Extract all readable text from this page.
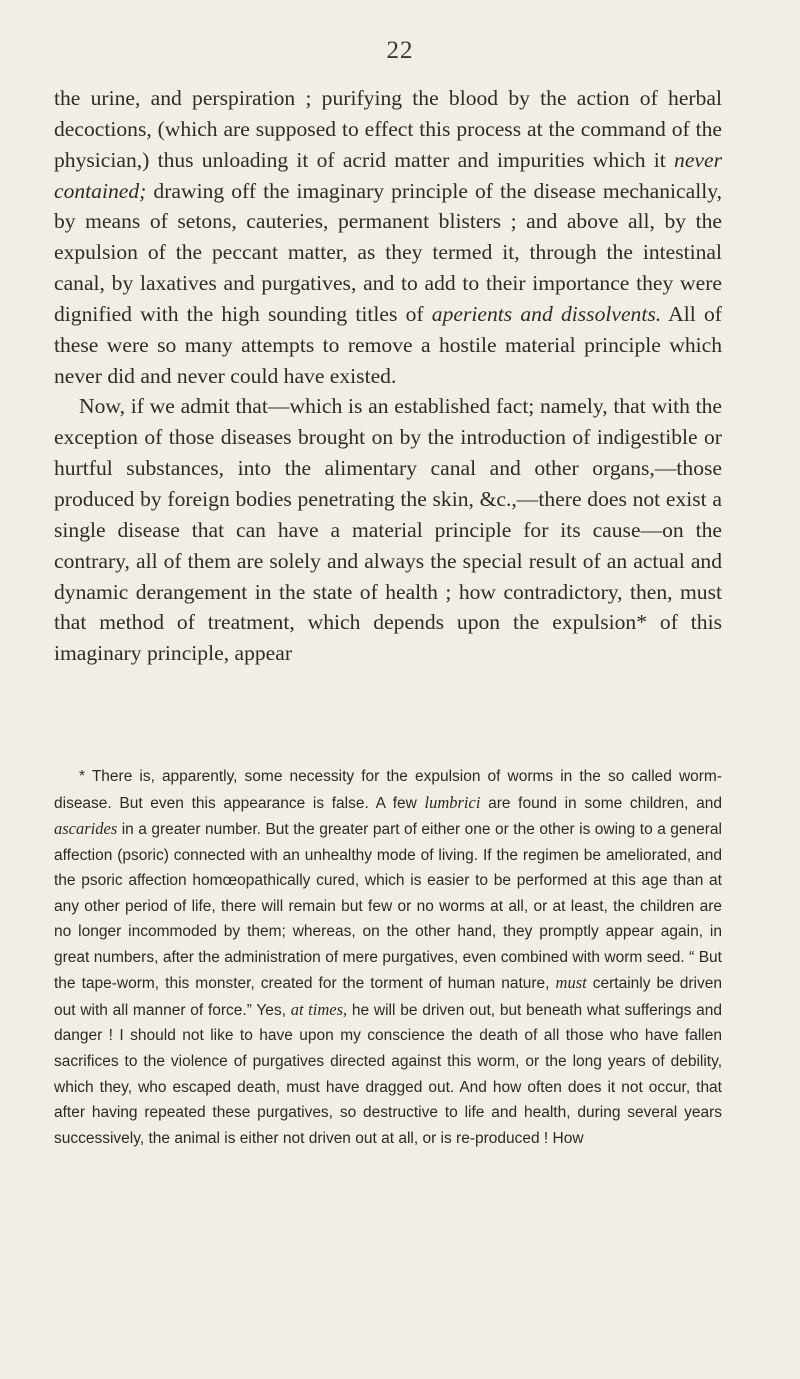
22

the urine, and perspiration ; purifying the blood by the action of herbal decoctions, (which are supposed to effect this process at the command of the physician,) thus unloading it of acrid matter and impurities which it never contained; drawing off the imaginary principle of the disease mechanically, by means of setons, cauteries, permanent blisters ; and above all, by the expulsion of the peccant matter, as they termed it, through the intestinal canal, by laxatives and purgatives, and to add to their importance they were dignified with the high sounding titles of aperients and dissolvents. All of these were so many attempts to remove a hostile material principle which never did and never could have existed.

Now, if we admit that—which is an established fact; namely, that with the exception of those diseases brought on by the introduction of indigestible or hurtful substances, into the alimentary canal and other organs,—those produced by foreign bodies penetrating the skin, &c.,—there does not exist a single disease that can have a material principle for its cause—on the contrary, all of them are solely and always the special result of an actual and dynamic derangement in the state of health ; how contradictory, then, must that method of treatment, which depends upon the expulsion* of this imaginary principle, appear

* There is, apparently, some necessity for the expulsion of worms in the so called worm-disease. But even this appearance is false. A few lumbrici are found in some children, and ascarides in a greater number. But the greater part of either one or the other is owing to a general affection (psoric) connected with an unhealthy mode of living. If the regimen be ameliorated, and the psoric affection homœopathically cured, which is easier to be performed at this age than at any other period of life, there will remain but few or no worms at all, or at least, the children are no longer incommoded by them; whereas, on the other hand, they promptly appear again, in great numbers, after the administration of mere purgatives, even combined with worm seed. “ But the tape-worm, this monster, created for the torment of human nature, must certainly be driven out with all manner of force.” Yes, at times, he will be driven out, but beneath what sufferings and danger ! I should not like to have upon my conscience the death of all those who have fallen sacrifices to the violence of purgatives directed against this worm, or the long years of debility, which they, who escaped death, must have dragged out. And how often does it not occur, that after having repeated these purgatives, so destructive to life and health, during several years successively, the animal is either not driven out at all, or is re-produced ! How
